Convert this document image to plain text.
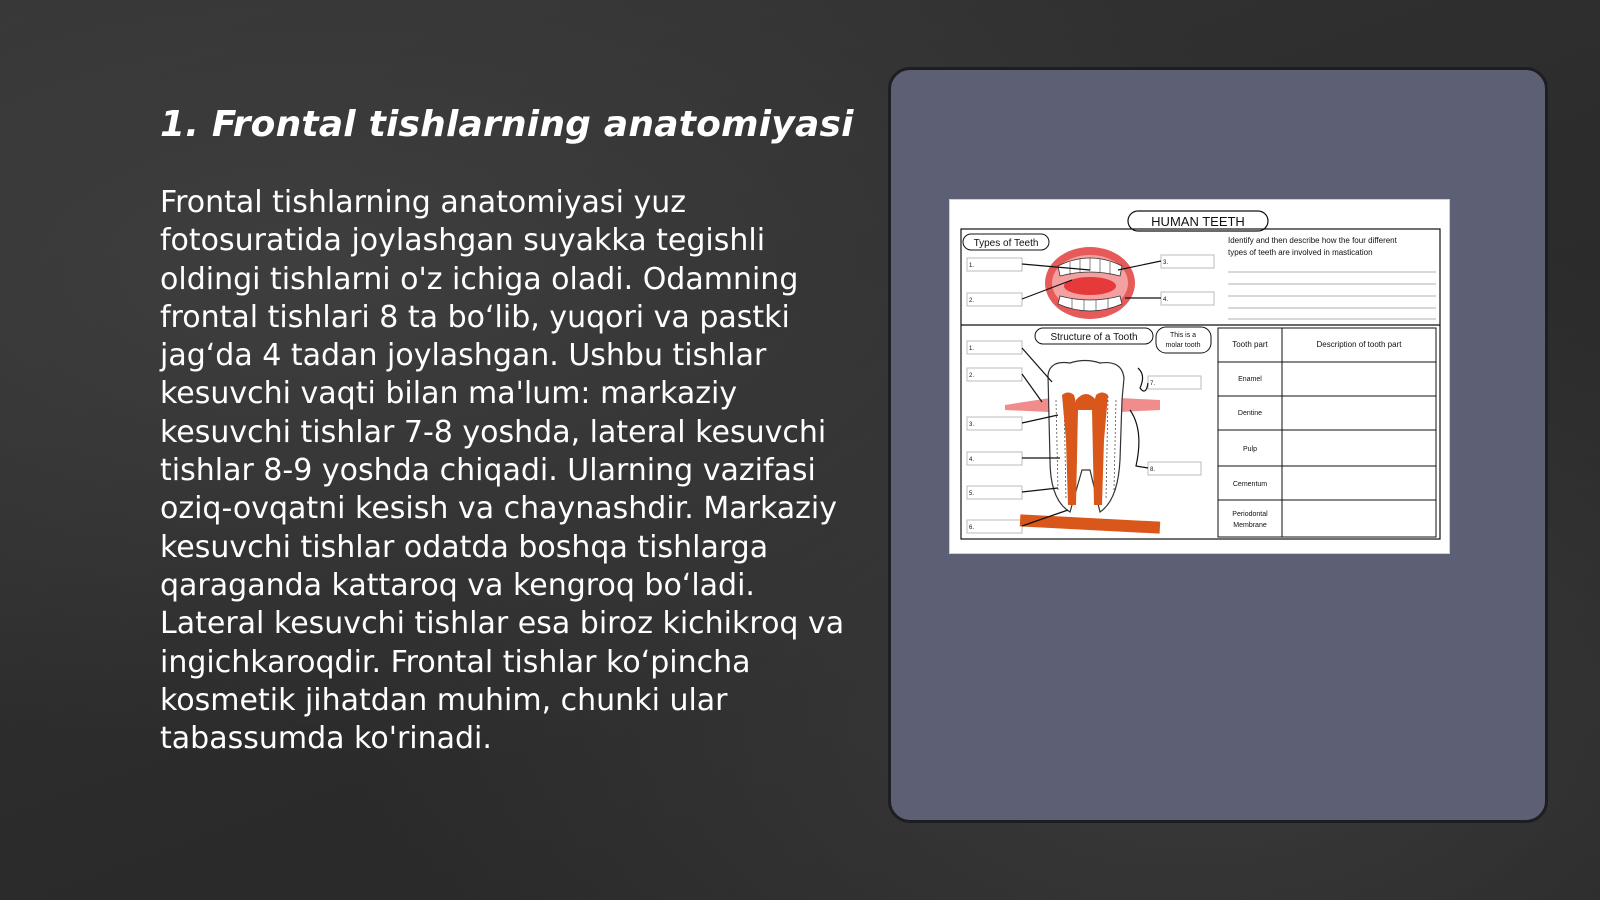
1. Frontal tishlarning anatomiyasi

Frontal tishlarning anatomiyasi yuz fotosuratida joylashgan suyakka tegishli oldingi tishlarni o'z ichiga oladi. Odamning frontal tishlari 8 ta bo‘lib, yuqori va pastki jag‘da 4 tadan joylashgan. Ushbu tishlar kesuvchi vaqti bilan ma'lum: markaziy kesuvchi tishlar 7-8 yoshda, lateral kesuvchi tishlar 8-9 yoshda chiqadi. Ularning vazifasi oziq-ovqatni kesish va chaynashdir. Markaziy kesuvchi tishlar odatda boshqa tishlarga qaraganda kattaroq va kengroq bo‘ladi. Lateral kesuvchi tishlar esa biroz kichikroq va ingichkaroqdir. Frontal tishlar ko‘pincha kosmetik jihatdan muhim, chunki ular tabassumda ko'rinadi.

HUMAN TEETH
Types of Teeth
1.
2.
3.
4.
Identify and then describe how the four different
types of teeth are involved in mastication
Structure of a Tooth	This is a
molar tooth
1.
2.
3.
4.
5.
6.
7.
8.
Tooth part	Description of tooth part
Enamel
Dentine
Pulp
Cementum
Periodontal
Membrane
